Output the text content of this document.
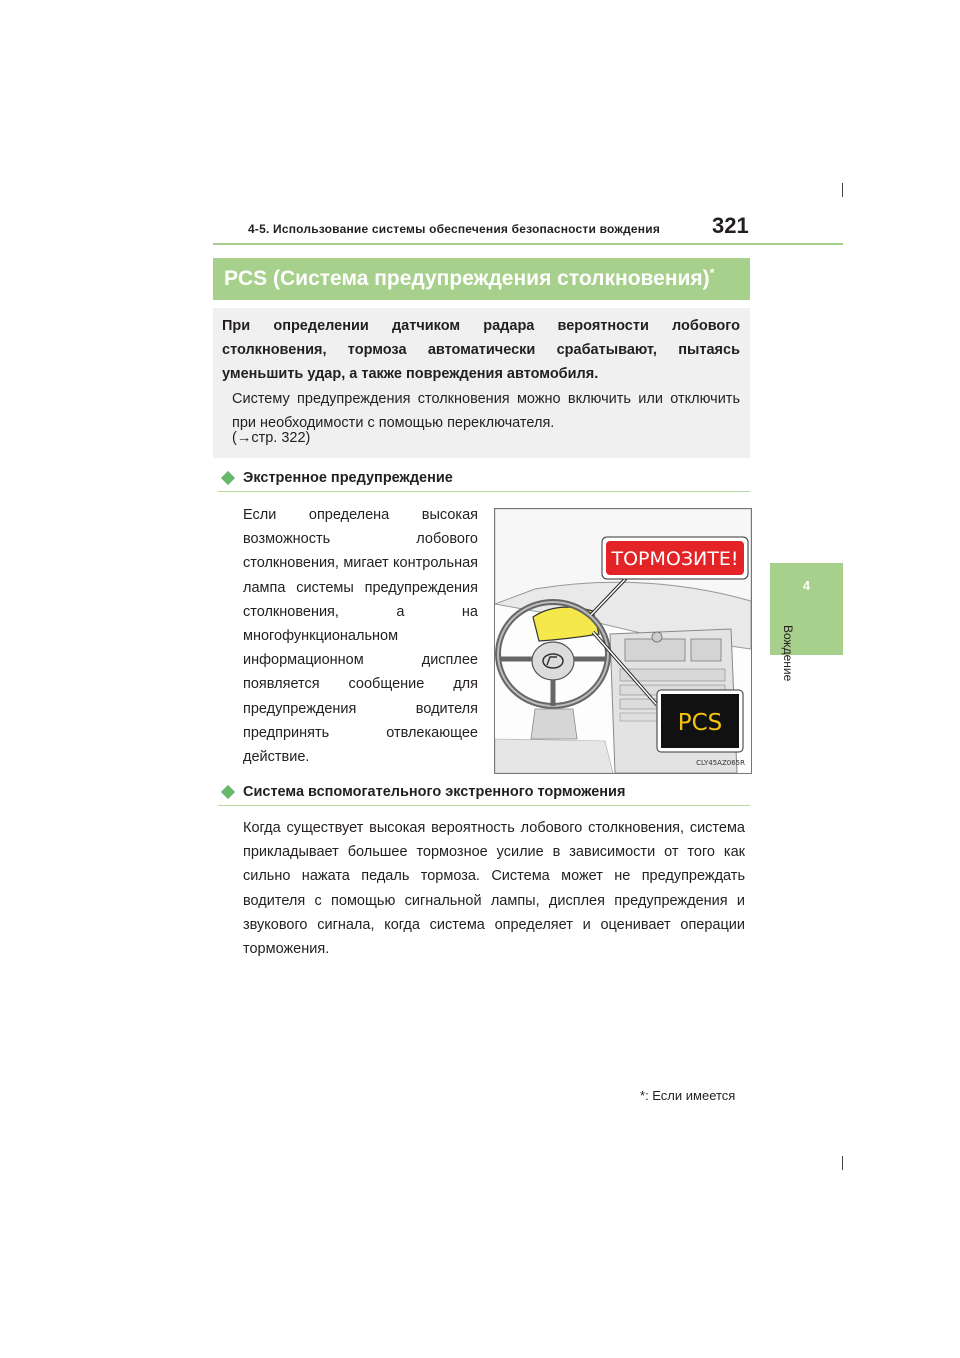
4-5. Использование системы обеспечения безопасности вождения 321
4
Вождение
PCS (Система предупреждения столкновения)*
При определении датчиком радара вероятности лобового столкновения, тормоза автоматически срабатывают, пытаясь уменьшить удар, а также повреждения автомобиля.
Систему предупреждения столкновения можно включить или отключить при необходимости с помощью переключателя.
(→стр. 322)
Экстренное предупреждение
Если определена высокая возможность лобового столкновения, мигает контрольная лампа системы предупреждения столкновения, а на многофункциональном информационном дисплее появляется сообщение для предупреждения водителя предпринять отвлекающее действие.
ТОРМОЗИТЕ!
PCS
CLY45AZ065R
Система вспомогательного экстренного торможения
Когда существует высокая вероятность лобового столкновения, система прикладывает большее тормозное усилие в зависимости от того как сильно нажата педаль тормоза. Система может не предупреждать водителя с помощью сигнальной лампы, дисплея предупреждения и звукового сигнала, когда система определяет и оценивает операции торможения.
*: Если имеется
